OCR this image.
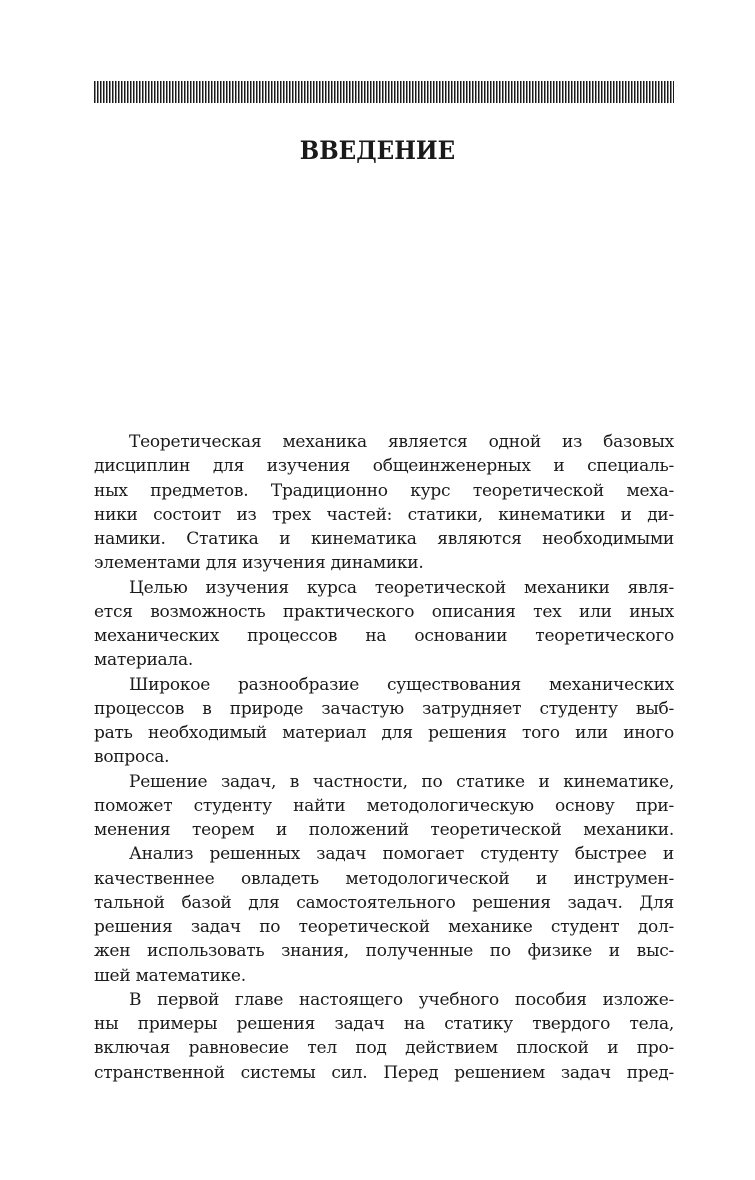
ВВЕДЕНИЕ
Теоретическая механика является одной из базовых
дисциплин для изучения общеинженерных и специаль-
ных предметов. Традиционно курс теоретической меха-
ники состоит из трех частей: статики, кинематики и ди-
намики. Статика и кинематика являются необходимыми
элементами для изучения динамики.
Целью изучения курса теоретической механики явля-
ется возможность практического описания тех или иных
механических процессов на основании теоретического
материала.
Широкое разнообразие существования механических
процессов в природе зачастую затрудняет студенту выб-
рать необходимый материал для решения того или иного
вопроса.
Решение задач, в частности, по статике и кинематике,
поможет студенту найти методологическую основу при-
менения теорем и положений теоретической механики.
Анализ решенных задач помогает студенту быстрее и
качественнее овладеть методологической и инструмен-
тальной базой для самостоятельного решения задач. Для
решения задач по теоретической механике студент дол-
жен использовать знания, полученные по физике и выс-
шей математике.
В первой главе настоящего учебного пособия изложе-
ны примеры решения задач на статику твердого тела,
включая равновесие тел под действием плоской и про-
странственной системы сил. Перед решением задач пред-
